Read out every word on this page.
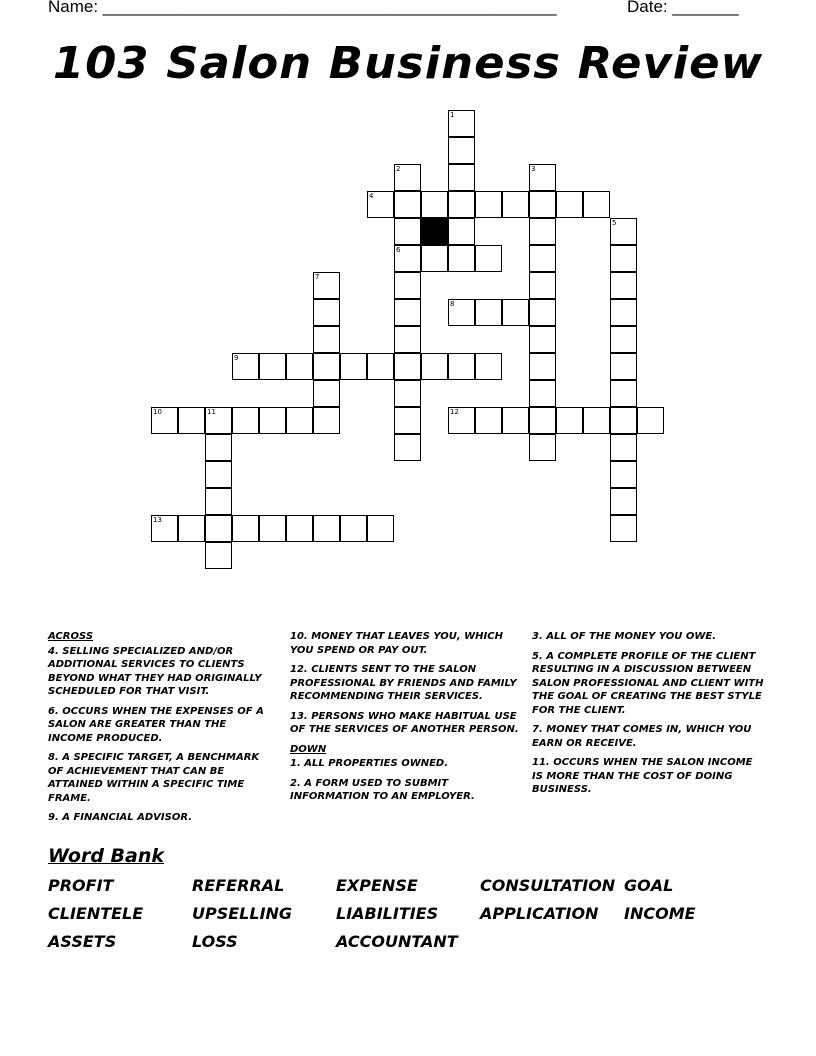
Name: ________________________________________________	Date: _______
103 Salon Business Review
4
6
8
9
10	11	12
13
1
2	3
5
7
ACROSS
4. SELLING SPECIALIZED AND/OR ADDITIONAL SERVICES TO CLIENTS BEYOND WHAT THEY HAD ORIGINALLY SCHEDULED FOR THAT VISIT.
6. OCCURS WHEN THE EXPENSES OF A SALON ARE GREATER THAN THE INCOME PRODUCED.
8. A SPECIFIC TARGET, A BENCHMARK OF ACHIEVEMENT THAT CAN BE ATTAINED WITHIN A SPECIFIC TIME FRAME.
9. A FINANCIAL ADVISOR.
10. MONEY THAT LEAVES YOU, WHICH YOU SPEND OR PAY OUT.
12. CLIENTS SENT TO THE SALON PROFESSIONAL BY FRIENDS AND FAMILY RECOMMENDING THEIR SERVICES.
13. PERSONS WHO MAKE HABITUAL USE OF THE SERVICES OF ANOTHER PERSON.
DOWN
1. ALL PROPERTIES OWNED.
2. A FORM USED TO SUBMIT INFORMATION TO AN EMPLOYER.
3. ALL OF THE MONEY YOU OWE.
5. A COMPLETE PROFILE OF THE CLIENT RESULTING IN A DISCUSSION BETWEEN SALON PROFESSIONAL AND CLIENT WITH THE GOAL OF CREATING THE BEST STYLE FOR THE CLIENT.
7. MONEY THAT COMES IN, WHICH YOU EARN OR RECEIVE.
11. OCCURS WHEN THE SALON INCOME IS MORE THAN THE COST OF DOING BUSINESS.
Word Bank
PROFIT	REFERRAL	EXPENSE	CONSULTATION GOAL
CLIENTELE	UPSELLING	LIABILITIES	APPLICATION INCOME
ASSETS	LOSS	ACCOUNTANT
